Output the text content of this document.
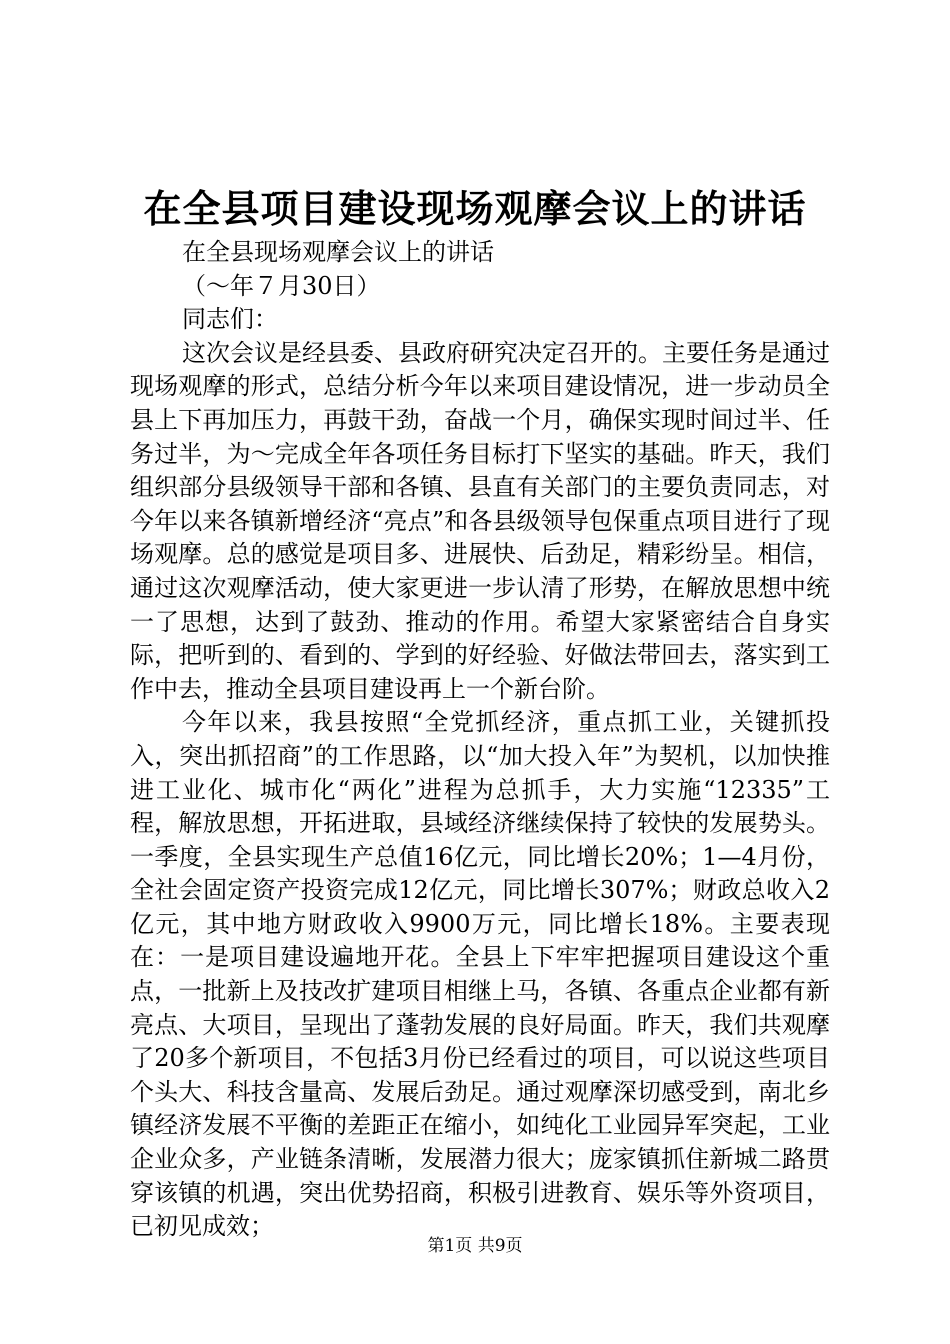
在全县项目建设现场观摩会议上的讲话
在全县现场观摩会议上的讲话
（～年７月30日）
同志们：

这次会议是经县委、县政府研究决定召开的。主要任务是通过现场观摩的形式，总结分析今年以来项目建设情况，进一步动员全县上下再加压力，再鼓干劲，奋战一个月，确保实现时间过半、任务过半，为～完成全年各项任务目标打下坚实的基础。昨天，我们组织部分县级领导干部和各镇、县直有关部门的主要负责同志，对今年以来各镇新增经济“亮点”和各县级领导包保重点项目进行了现场观摩。总的感觉是项目多、进展快、后劲足，精彩纷呈。相信，通过这次观摩活动，使大家更进一步认清了形势，在解放思想中统一了思想，达到了鼓劲、推动的作用。希望大家紧密结合自身实际，把听到的、看到的、学到的好经验、好做法带回去，落实到工作中去，推动全县项目建设再上一个新台阶。

今年以来，我县按照“全党抓经济，重点抓工业，关键抓投入，突出抓招商”的工作思路，以“加大投入年”为契机，以加快推进工业化、城市化“两化”进程为总抓手，大力实施“12335”工程，解放思想，开拓进取，县域经济继续保持了较快的发展势头。一季度，全县实现生产总值16亿元，同比增长20%；1—4月份，全社会固定资产投资完成12亿元，同比增长307%；财政总收入2亿元，其中地方财政收入9900万元，同比增长18%。主要表现在：一是项目建设遍地开花。全县上下牢牢把握项目建设这个重点，一批新上及技改扩建项目相继上马，各镇、各重点企业都有新亮点、大项目，呈现出了蓬勃发展的良好局面。昨天，我们共观摩了20多个新项目，不包括3月份已经看过的项目，可以说这些项目个头大、科技含量高、发展后劲足。通过观摩深切感受到，南北乡镇经济发展不平衡的差距正在缩小，如纯化工业园异军突起，工业企业众多，产业链条清晰，发展潜力很大；庞家镇抓住新城二路贯穿该镇的机遇，突出优势招商，积极引进教育、娱乐等外资项目，已初见成效；

第1页 共9页
